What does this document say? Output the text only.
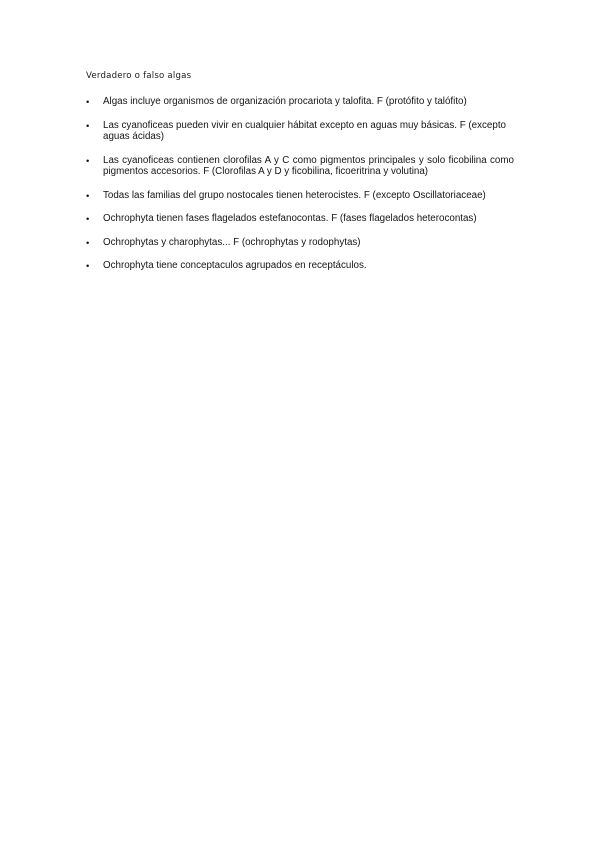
Verdadero o falso algas
•	Algas incluye organismos de organización procariota y talofita. F (protófito y talófito)
•	Las cyanoficeas pueden vivir en cualquier hábitat excepto en aguas muy básicas. F (excepto aguas ácidas)
•	Las cyanoficeas contienen clorofilas A y C como pigmentos principales y solo ficobilina como pigmentos accesorios. F (Clorofilas A y D y ficobilina, ficoeritrina y volutina)
•	Todas las familias del grupo nostocales tienen heterocistes. F (excepto Oscillatoriaceae)
•	Ochrophyta tienen fases flagelados estefanocontas. F (fases flagelados heterocontas)
•	Ochrophytas y charophytas... F (ochrophytas y rodophytas)
•	Ochrophyta tiene conceptaculos agrupados en receptáculos.
